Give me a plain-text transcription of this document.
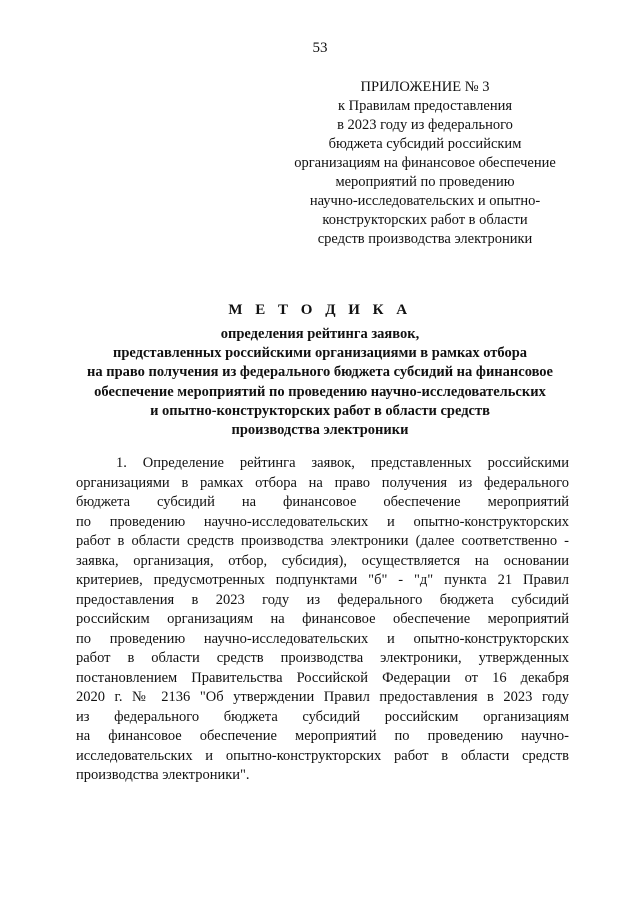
53
ПРИЛОЖЕНИЕ № 3
к Правилам предоставления
в 2023 году из федерального
бюджета субсидий российским
организациям на финансовое обеспечение
мероприятий по проведению
научно-исследовательских и опытно-
конструкторских работ в области
средств производства электроники
М Е Т О Д И К А
определения рейтинга заявок,
представленных российскими организациями в рамках отбора
на право получения из федерального бюджета субсидий на финансовое
обеспечение мероприятий по проведению научно-исследовательских
и опытно-конструкторских работ в области средств
производства электроники
1. Определение рейтинга заявок, представленных российскими
организациями в рамках отбора на право получения из федерального
бюджета субсидий на финансовое обеспечение мероприятий
по проведению научно-исследовательских и опытно-конструкторских
работ в области средств производства электроники (далее соответственно -
заявка, организация, отбор, субсидия), осуществляется на основании
критериев, предусмотренных подпунктами "б" - "д" пункта 21 Правил
предоставления в 2023 году из федерального бюджета субсидий
российским организациям на финансовое обеспечение мероприятий
по проведению научно-исследовательских и опытно-конструкторских
работ в области средств производства электроники, утвержденных
постановлением Правительства Российской Федерации от 16 декабря
2020 г. № 2136 "Об утверждении Правил предоставления в 2023 году
из федерального бюджета субсидий российским организациям
на финансовое обеспечение мероприятий по проведению научно-
исследовательских и опытно-конструкторских работ в области средств
производства электроники".
